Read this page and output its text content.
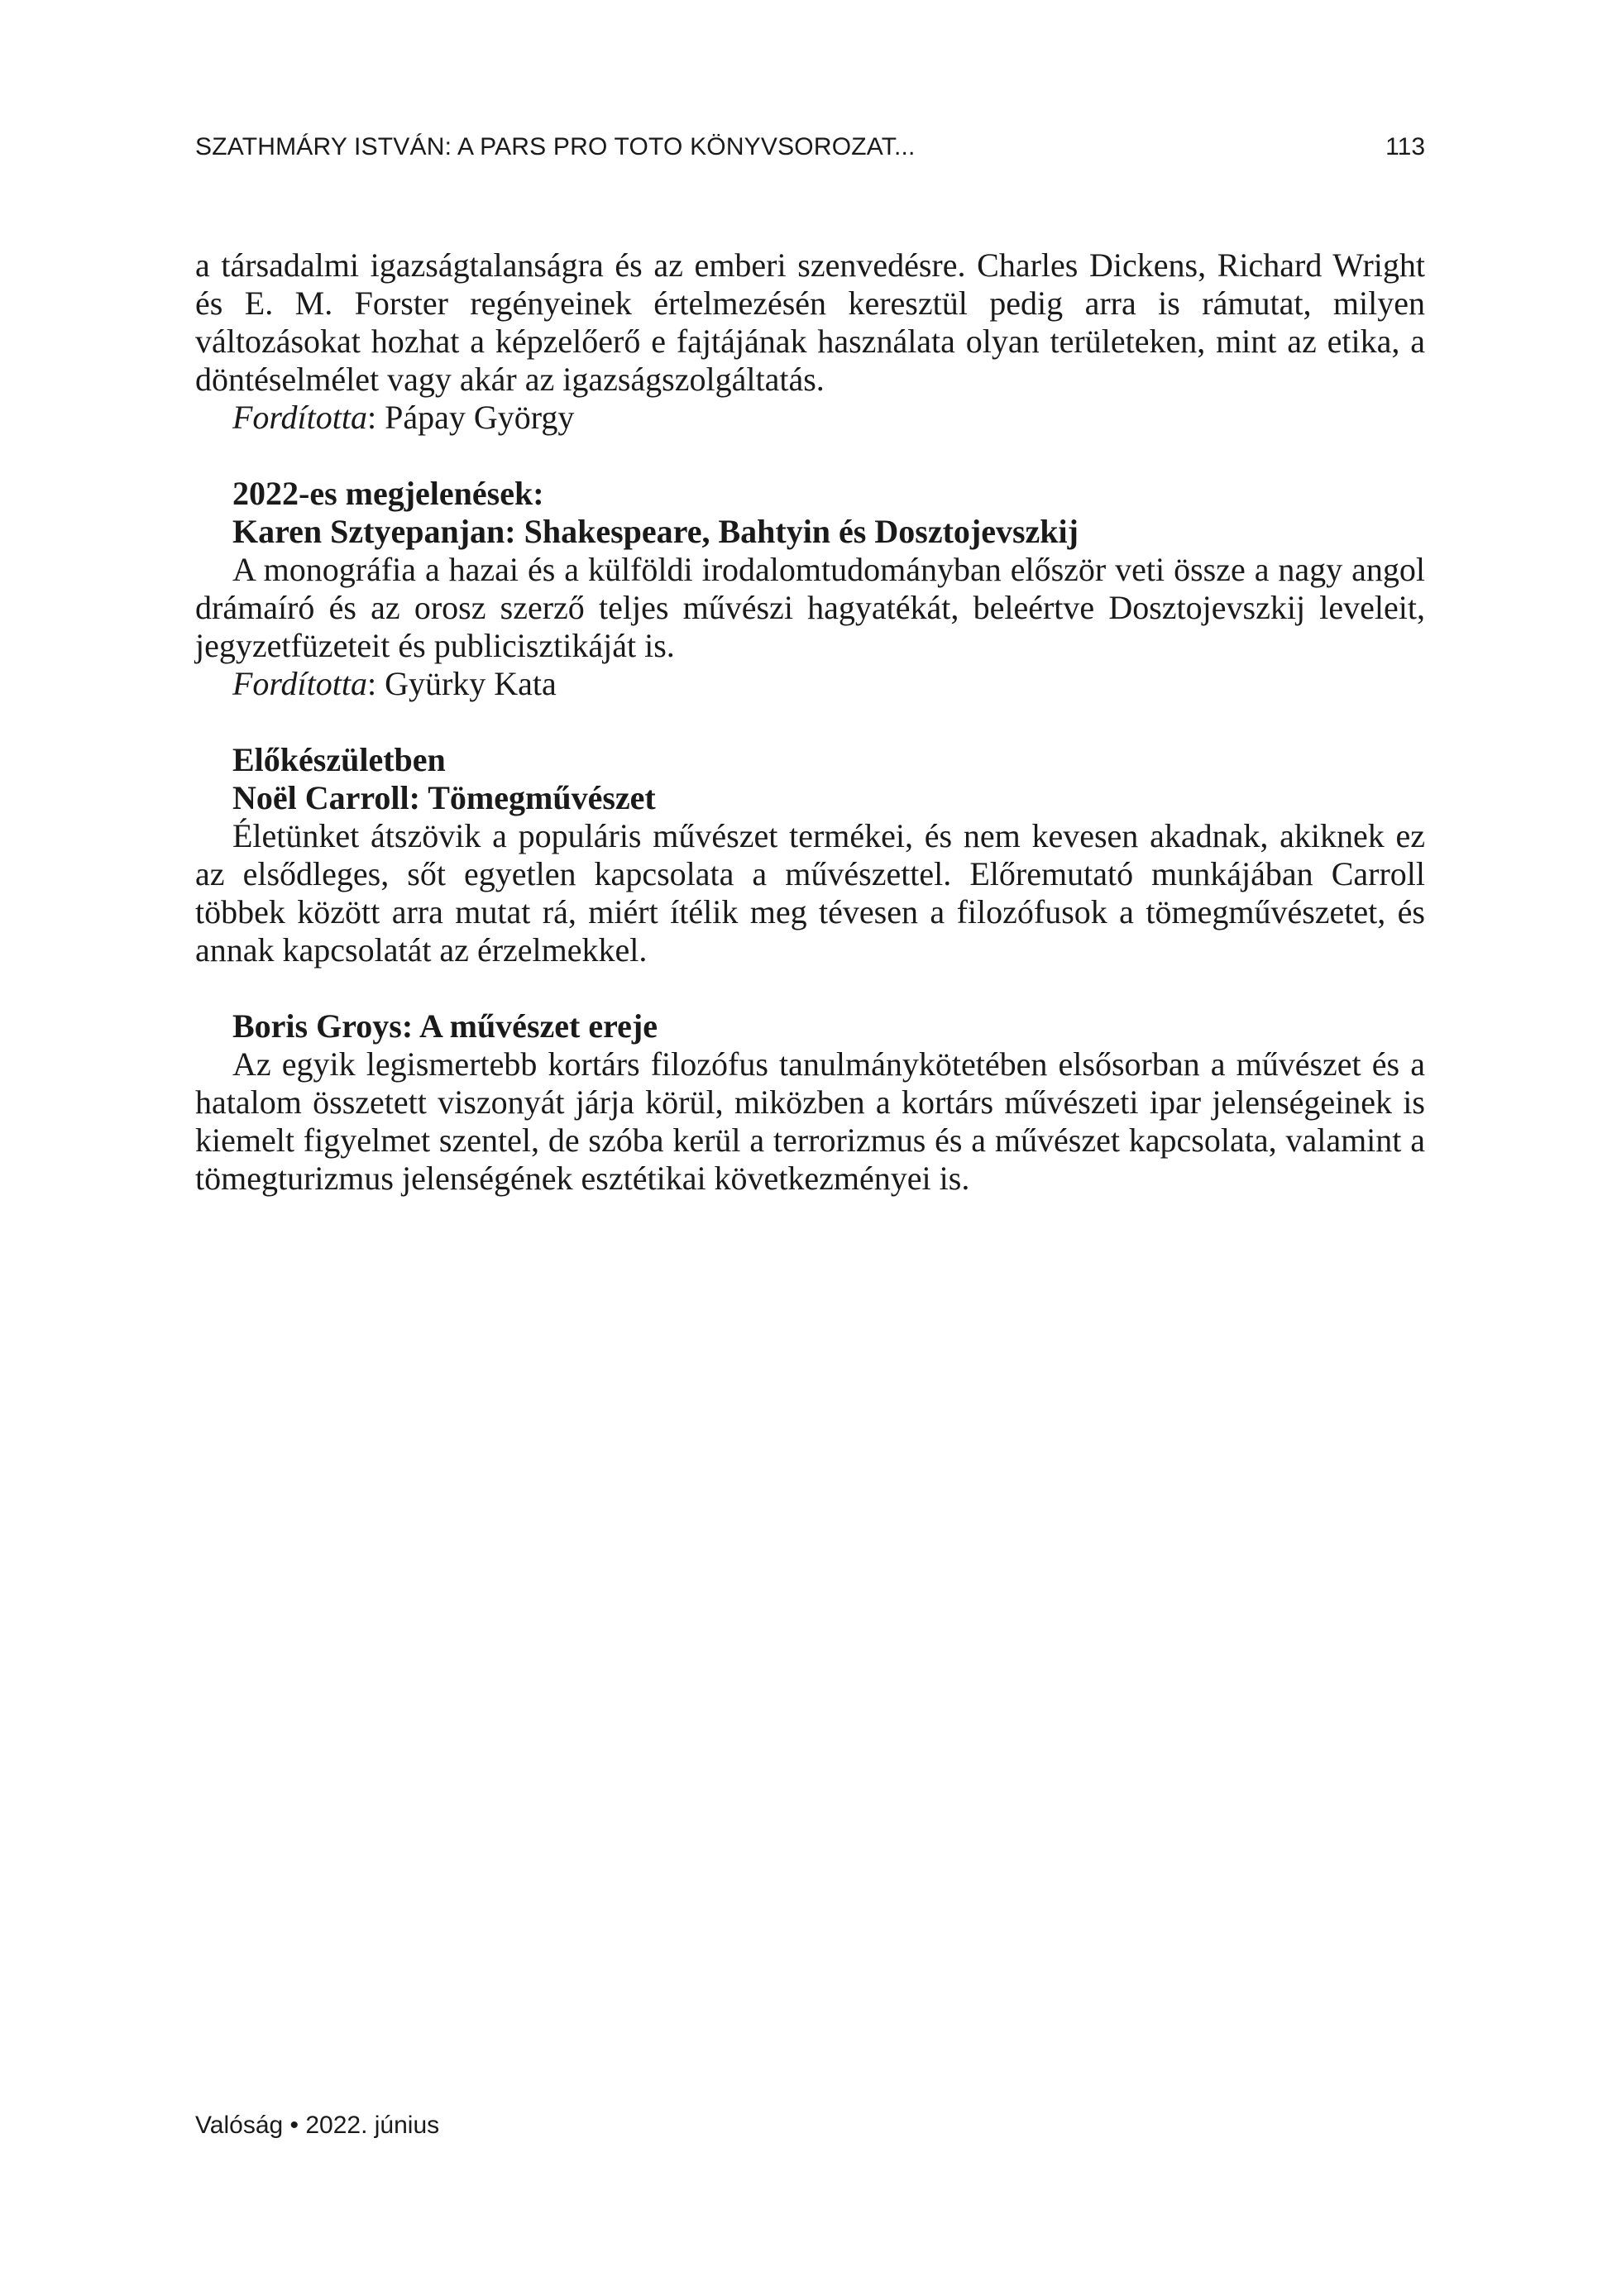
SZATHMÁRY ISTVÁN: A PARS PRO TOTO KÖNYVSOROZAT...	113

a társadalmi igazságtalanságra és az emberi szenvedésre. Charles Dickens, Richard Wright és E. M. Forster regényeinek értelmezésén keresztül pedig arra is rámutat, milyen változásokat hozhat a képzelőerő e fajtájának használata olyan területeken, mint az etika, a döntéselmélet vagy akár az igazságszolgáltatás.

Fordította: Pápay György

2022-es megjelenések:
Karen Sztyepanjan: Shakespeare, Bahtyin és Dosztojevszkij

A monográfia a hazai és a külföldi irodalomtudományban először veti össze a nagy angol drámaíró és az orosz szerző teljes művészi hagyatékát, beleértve Dosztojevszkij leveleit, jegyzetfüzeteit és publicisztikáját is.

Fordította: Gyürky Kata

Előkészületben
Noël Carroll: Tömegművészet

Életünket átszövik a populáris művészet termékei, és nem kevesen akadnak, akiknek ez az elsődleges, sőt egyetlen kapcsolata a művészettel. Előremutató munkájában Carroll többek között arra mutat rá, miért ítélik meg tévesen a filozófusok a tömegművészetet, és annak kapcsolatát az érzelmekkel.

Boris Groys: A művészet ereje

Az egyik legismertebb kortárs filozófus tanulmánykötetében elsősorban a művészet és a hatalom összetett viszonyát járja körül, miközben a kortárs művészeti ipar jelenségeinek is kiemelt figyelmet szentel, de szóba kerül a terrorizmus és a művészet kapcsolata, valamint a tömegturizmus jelenségének esztétikai következményei is.

Valóság • 2022. június
